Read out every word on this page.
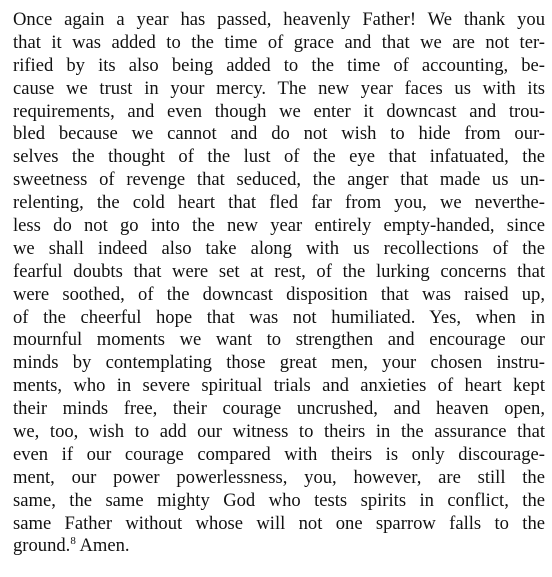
Once again a year has passed, heavenly Father! We thank you
that it was added to the time of grace and that we are not ter-
rified by its also being added to the time of accounting, be-
cause we trust in your mercy. The new year faces us with its
requirements, and even though we enter it downcast and trou-
bled because we cannot and do not wish to hide from our-
selves the thought of the lust of the eye that infatuated, the
sweetness of revenge that seduced, the anger that made us un-
relenting, the cold heart that fled far from you, we neverthe-
less do not go into the new year entirely empty-handed, since
we shall indeed also take along with us recollections of the
fearful doubts that were set at rest, of the lurking concerns that
were soothed, of the downcast disposition that was raised up,
of the cheerful hope that was not humiliated. Yes, when in
mournful moments we want to strengthen and encourage our
minds by contemplating those great men, your chosen instru-
ments, who in severe spiritual trials and anxieties of heart kept
their minds free, their courage uncrushed, and heaven open,
we, too, wish to add our witness to theirs in the assurance that
even if our courage compared with theirs is only discourage-
ment, our power powerlessness, you, however, are still the
same, the same mighty God who tests spirits in conflict, the
same Father without whose will not one sparrow falls to the
ground.$^8$ Amen.
